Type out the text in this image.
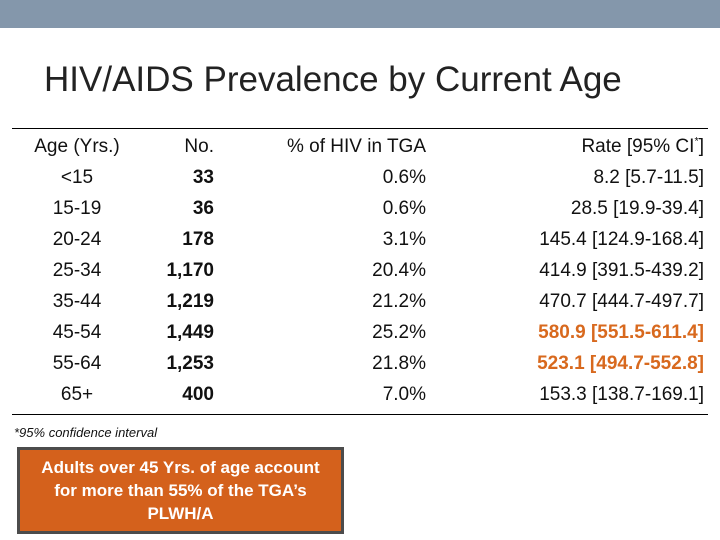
HIV/AIDS Prevalence by Current Age
Age (Yrs.)	No.	% of HIV in TGA	Rate [95% CI*]
<15	33	0.6%	8.2 [5.7-11.5]
15-19	36	0.6%	28.5 [19.9-39.4]
20-24	178	3.1%	145.4 [124.9-168.4]
25-34	1,170	20.4%	414.9 [391.5-439.2]
35-44	1,219	21.2%	470.7 [444.7-497.7]
45-54	1,449	25.2%	580.9 [551.5-611.4]
55-64	1,253	21.8%	523.1 [494.7-552.8]
65+	400	7.0%	153.3 [138.7-169.1]
*95% confidence interval
Adults over 45 Yrs. of age account for more than 55% of the TGA’s PLWH/A
